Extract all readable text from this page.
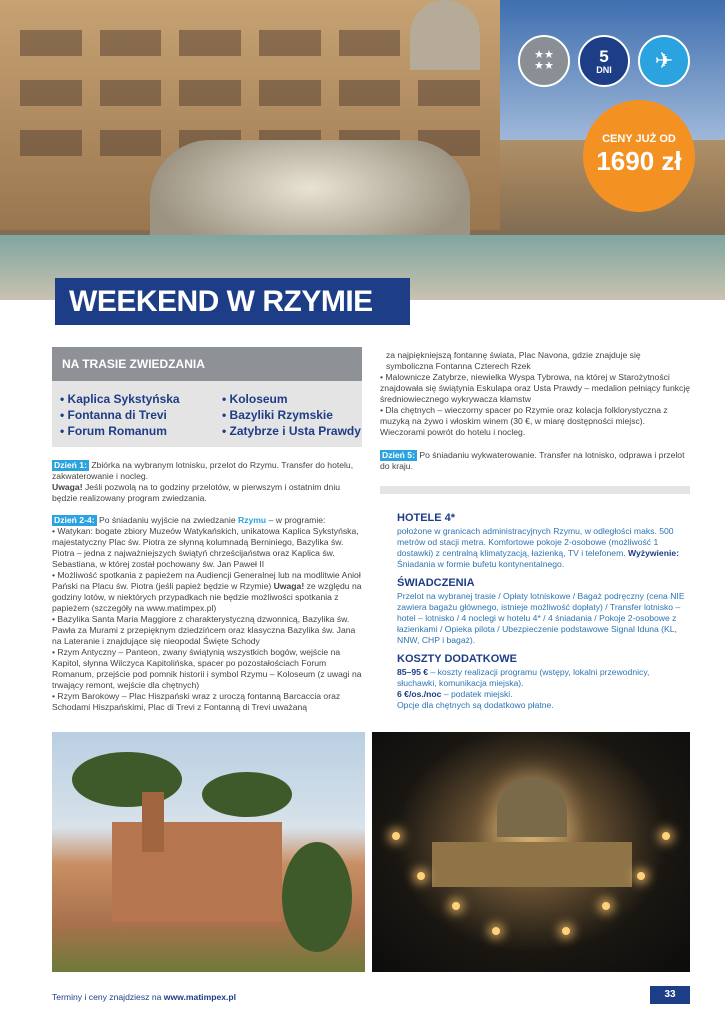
★★
★★
5
DNI	✈
CENY JUŻ OD
1690 zł
WEEKEND W RZYMIE
NA TRASIE ZWIEDZANIA
• Kaplica Sykstyńska
• Fontanna di Trevi
• Forum Romanum
• Koloseum
• Bazyliki Rzymskie
• Zatybrze i Usta Prawdy

Dzień 1: Zbiórka na wybranym lotnisku, przelot do Rzymu. Transfer do hotelu, zakwaterowanie i nocleg.

Uwaga! Jeśli pozwolą na to godziny przelotów, w pierwszym i ostatnim dniu będzie realizowany program zwiedzania.

Dzień 2-4: Po śniadaniu wyjście na zwiedzanie Rzymu – w programie:

• Watykan: bogate zbiory Muzeów Watykańskich, unikatowa Kaplica Sykstyńska, majestatyczny Plac św. Piotra ze słynną kolumnadą Berniniego, Bazylika św. Piotra – jedna z najważniejszych świątyń chrześcijaństwa oraz Kaplica św. Sebastiana, w której został pochowany św. Jan Paweł II

• Możliwość spotkania z papieżem na Audiencji Generalnej lub na modlitwie Anioł Pański na Placu św. Piotra (jeśli papież będzie w Rzymie) Uwaga! ze względu na godziny lotów, w niektórych przypadkach nie będzie możliwości spotkania z papieżem (szczegóły na www.matimpex.pl)

• Bazylika Santa Maria Maggiore z charakterystyczną dzwonnicą, Bazylika św. Pawła za Murami z przepięknym dziedzińcem oraz klasyczna Bazylika św. Jana na Lateranie i znajdujące się nieopodal Święte Schody

• Rzym Antyczny – Panteon, zwany świątynią wszystkich bogów, wejście na Kapitol, słynna Wilczyca Kapitolińska, spacer po pozostałościach Forum Romanum, przejście pod pomnik historii i symbol Rzymu – Koloseum (z uwagi na trwający remont, wejście dla chętnych)

• Rzym Barokowy – Plac Hiszpański wraz z uroczą fontanną Barcaccia oraz Schodami Hiszpańskimi, Plac di Trevi z Fontanną di Trevi uważaną

za najpiękniejszą fontannę świata, Plac Navona, gdzie znajduje się symboliczna Fontanna Czterech Rzek

• Malownicze Zatybrze, niewielka Wyspa Tybrowa, na której w Starożytności znajdowała się świątynia Eskulapa oraz Usta Prawdy – medalion pełniący funkcję średniowiecznego wykrywacza kłamstw

• Dla chętnych – wieczorny spacer po Rzymie oraz kolacja folklorystyczna z muzyką na żywo i włoskim winem (30 €, w miarę dostępności miejsc).

Wieczorami powrót do hotelu i nocleg.

Dzień 5: Po śniadaniu wykwaterowanie. Transfer na lotnisko, odprawa i przelot do kraju.

HOTELE 4*
położone w granicach administracyjnych Rzymu, w odległości maks. 500 metrów od stacji metra. Komfortowe pokoje 2-osobowe (możliwość 1 dostawki) z centralną klimatyzacją, łazienką, TV i telefonem. Wyżywienie: Śniadania w formie bufetu kontynentalnego.
ŚWIADCZENIA
Przelot na wybranej trasie / Opłaty lotniskowe / Bagaż podręczny (cena NIE zawiera bagażu głównego, istnieje możliwość dopłaty) / Transfer lotnisko – hotel – lotnisko / 4 noclegi w hotelu 4* / 4 śniadania / Pokoje 2-osobowe z łazienkami / Opieka pilota / Ubezpieczenie podstawowe Signal Iduna (KL, NNW, CHP i bagaż).
KOSZTY DODATKOWE

85–95 € – koszty realizacji programu (wstępy, lokalni przewodnicy, słuchawki, komunikacja miejska).

6 €/os./noc – podatek miejski.

Opcje dla chętnych są dodatkowo płatne.

Terminy i ceny znajdziesz na www.matimpex.pl	33
